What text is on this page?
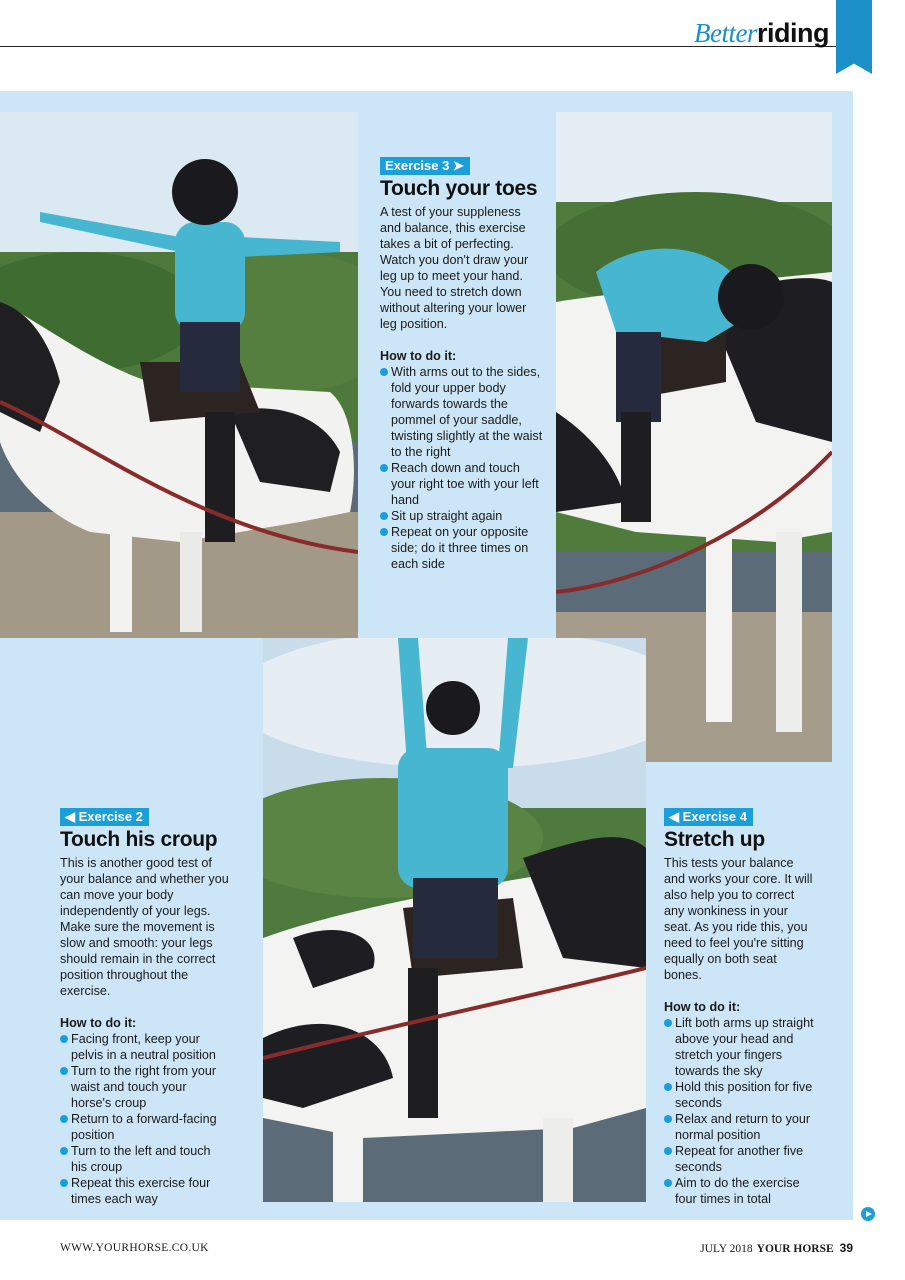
Betterriding
Exercise 3 ➤
Touch your toes

A test of your suppleness and balance, this exercise takes a bit of perfecting. Watch you don't draw your leg up to meet your hand. You need to stretch down without altering your lower leg position.

How to do it:
With arms out to the sides, fold your upper body forwards towards the pommel of your saddle, twisting slightly at the waist to the right
Reach down and touch your right toe with your left hand
Sit up straight again
Repeat on your opposite side; do it three times on each side
◀ Exercise 2
Touch his croup

This is another good test of your balance and whether you can move your body independently of your legs. Make sure the movement is slow and smooth: your legs should remain in the correct position throughout the exercise.

How to do it:
Facing front, keep your pelvis in a neutral position
Turn to the right from your waist and touch your horse's croup
Return to a forward-facing position
Turn to the left and touch his croup
Repeat this exercise four times each way
◀ Exercise 4
Stretch up

This tests your balance and works your core. It will also help you to correct any wonkiness in your seat. As you ride this, you need to feel you're sitting equally on both seat bones.

How to do it:
Lift both arms up straight above your head and stretch your fingers towards the sky
Hold this position for five seconds
Relax and return to your normal position
Repeat for another five seconds
Aim to do the exercise four times in total
WWW.YOURHORSE.CO.UK	JULY 2018 YOUR HORSE 39
